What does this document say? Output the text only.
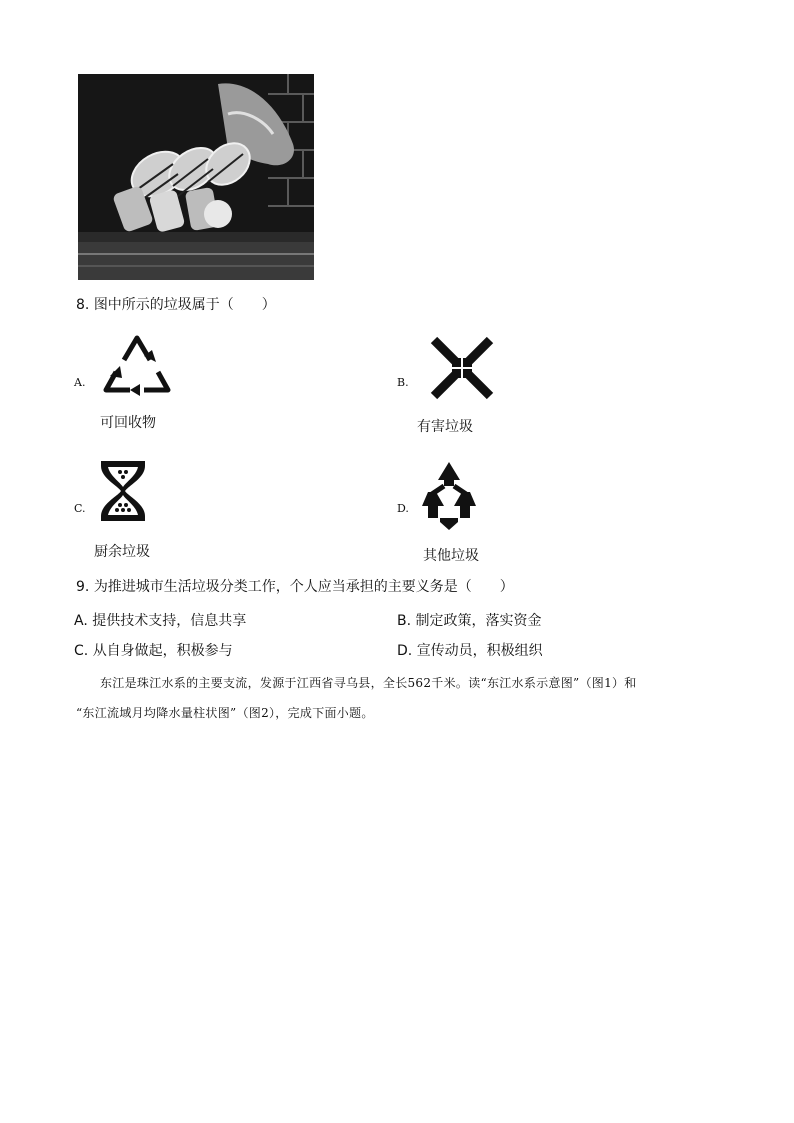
8. 图中所示的垃圾属于（　　）
A.
可回收物
B.
有害垃圾
C.
厨余垃圾
D.
其他垃圾
9. 为推进城市生活垃圾分类工作，个人应当承担的主要义务是（　　）
A. 提供技术支持，信息共享	B. 制定政策，落实资金
C. 从自身做起，积极参与	D. 宣传动员，积极组织
东江是珠江水系的主要支流，发源于江西省寻乌县，全长562千米。读“东江水系示意图”（图1）和
“东江流域月均降水量柱状图”（图2），完成下面小题。
